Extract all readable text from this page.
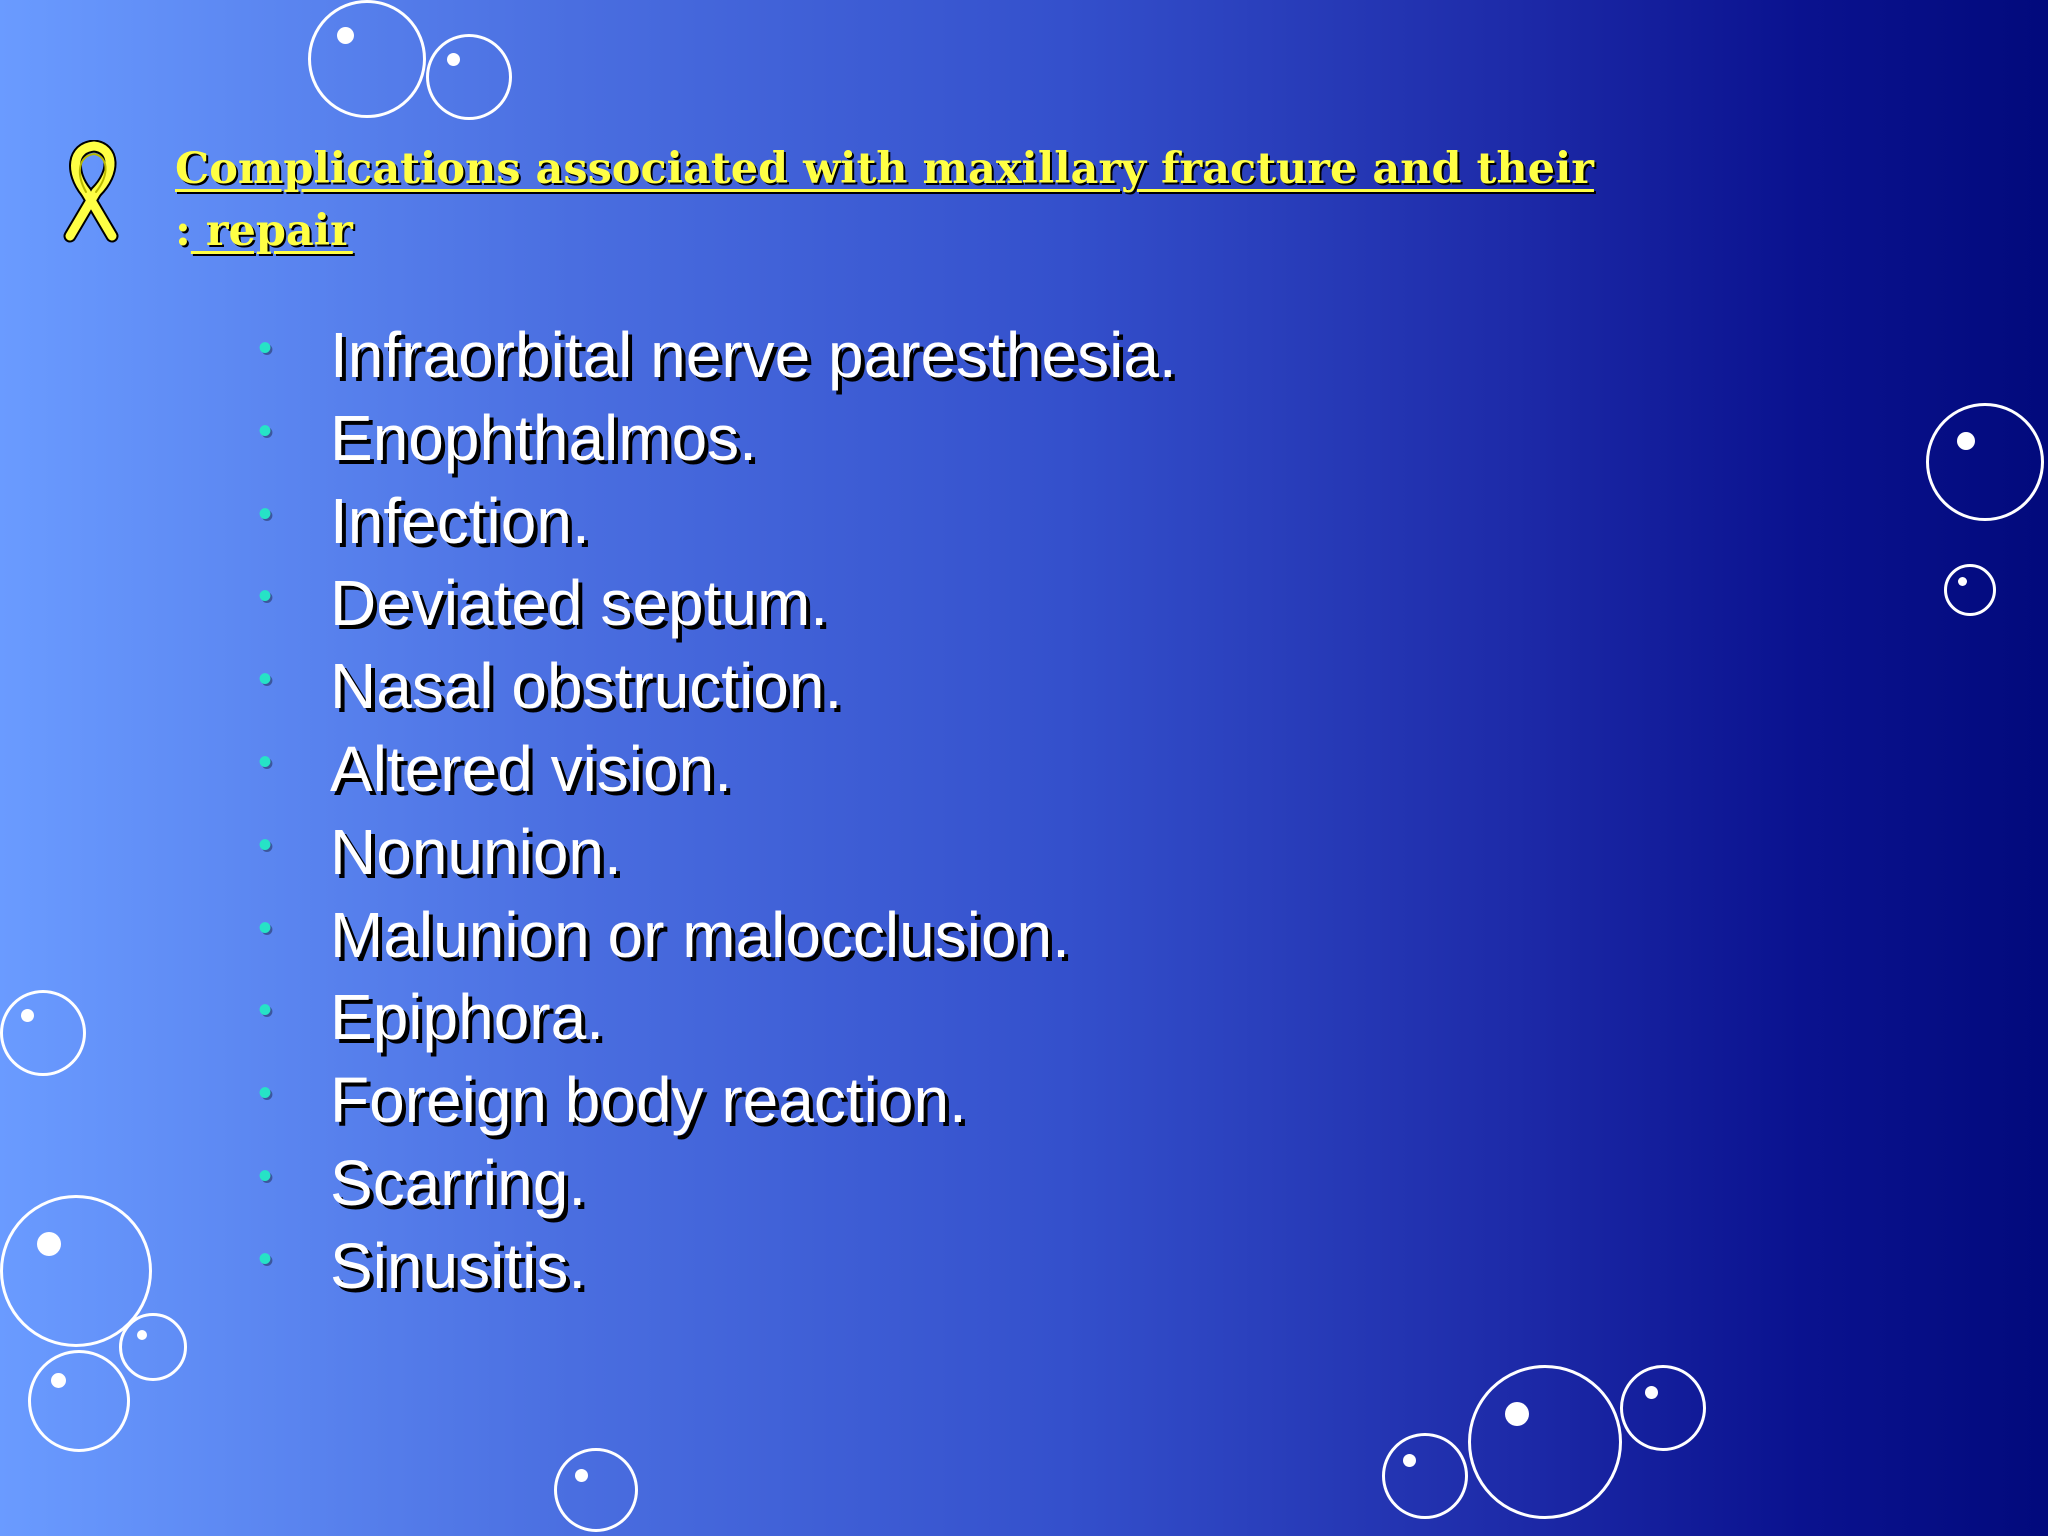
Complications associated with maxillary fracture and their
: repair
• Infraorbital nerve paresthesia.
• Enophthalmos.
• Infection.
• Deviated septum.
• Nasal obstruction.
• Altered vision.
• Nonunion.
• Malunion or malocclusion.
• Epiphora.
• Foreign body reaction.
• Scarring.
• Sinusitis.
